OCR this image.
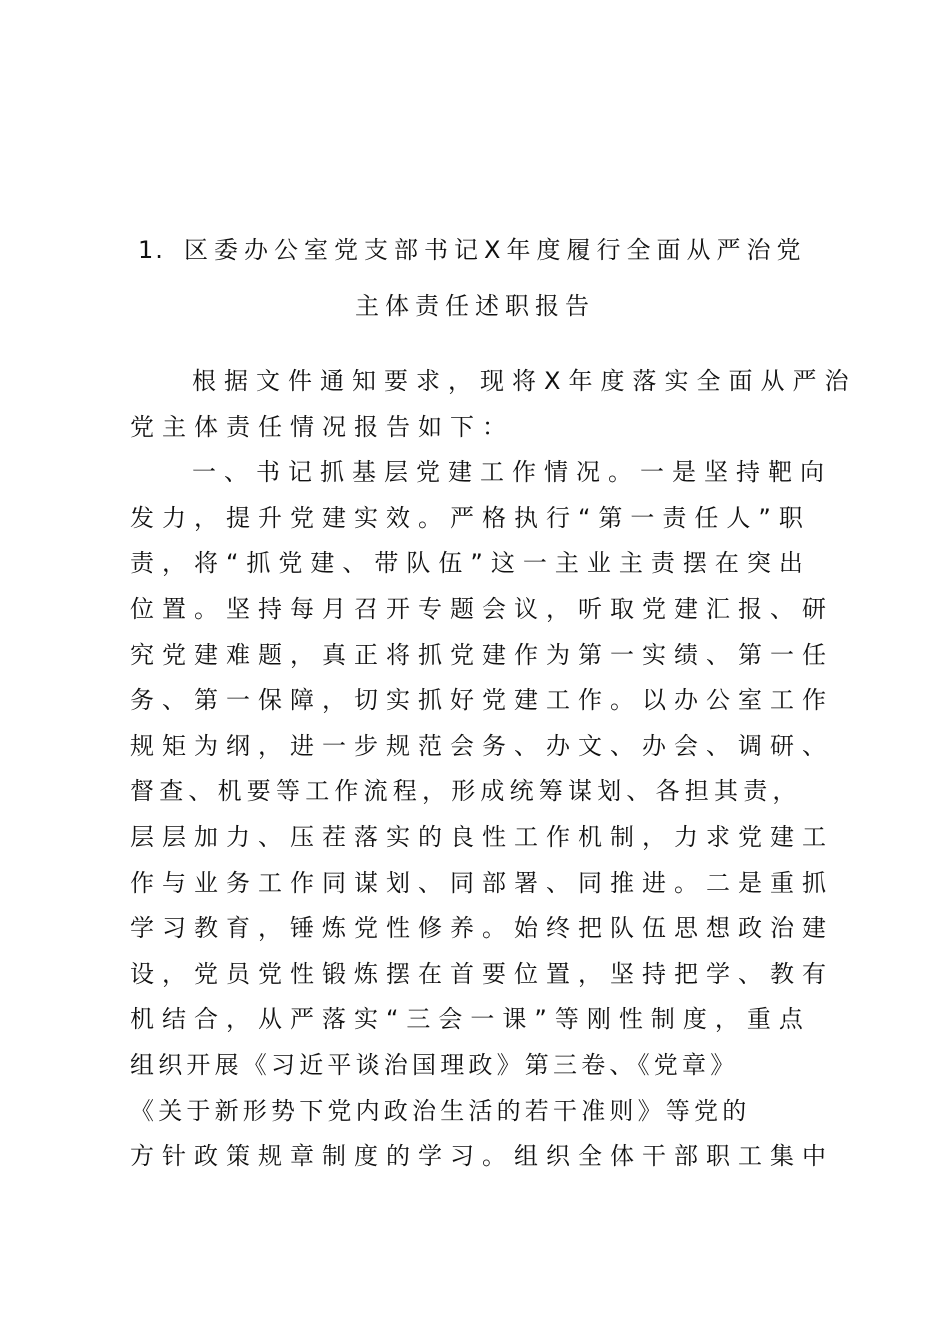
1. 区委办公室党支部书记X年度履行全面从严治党
主体责任述职报告
根据文件通知要求，现将X年度落实全面从严治
党主体责任情况报告如下：
一、书记抓基层党建工作情况。一是坚持靶向
发力，提升党建实效。严格执行“第一责任人”职
责，将“抓党建、带队伍”这一主业主责摆在突出
位置。坚持每月召开专题会议，听取党建汇报、研
究党建难题，真正将抓党建作为第一实绩、第一任
务、第一保障，切实抓好党建工作。以办公室工作
规矩为纲，进一步规范会务、办文、办会、调研、
督查、机要等工作流程，形成统筹谋划、各担其责，
层层加力、压茬落实的良性工作机制，力求党建工
作与业务工作同谋划、同部署、同推进。二是重抓
学习教育，锤炼党性修养。始终把队伍思想政治建
设，党员党性锻炼摆在首要位置，坚持把学、教有
机结合，从严落实“三会一课”等刚性制度，重点
组织开展《习近平谈治国理政》第三卷、《党章》
《关于新形势下党内政治生活的若干准则》等党的
方针政策规章制度的学习。组织全体干部职工集中
